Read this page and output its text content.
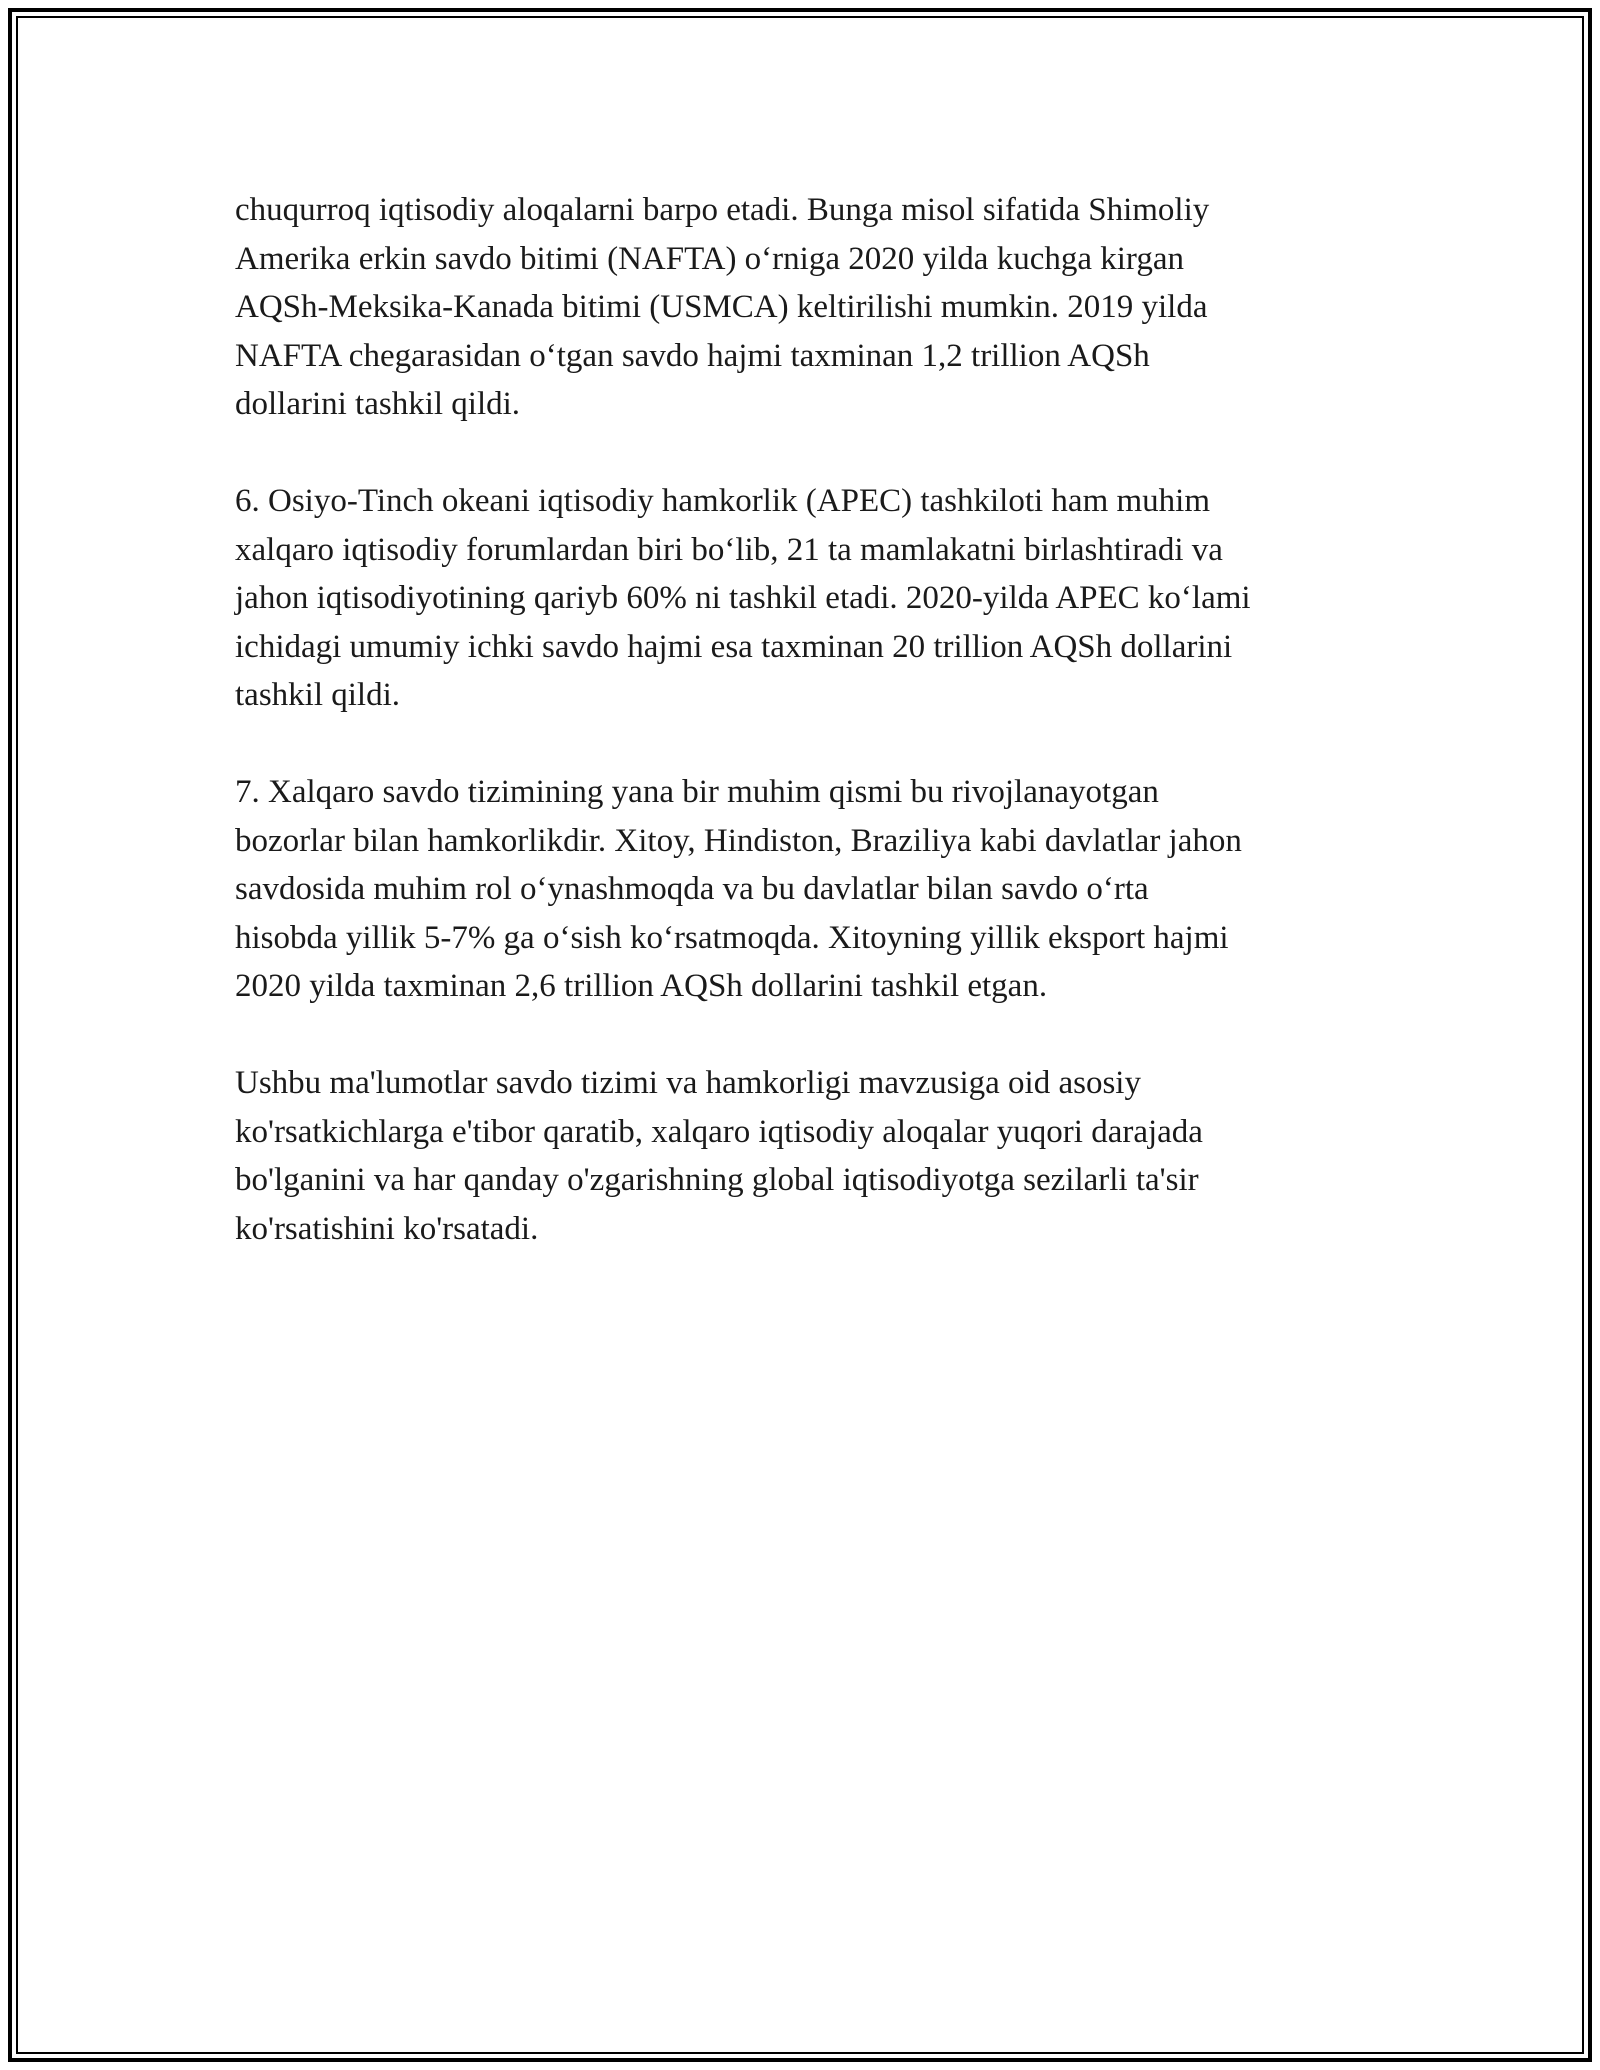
chuqurroq iqtisodiy aloqalarni barpo etadi. Bunga misol sifatida Shimoliy
Amerika erkin savdo bitimi (NAFTA) o‘rniga 2020 yilda kuchga kirgan
AQSh-Meksika-Kanada bitimi (USMCA) keltirilishi mumkin. 2019 yilda
NAFTA chegarasidan o‘tgan savdo hajmi taxminan 1,2 trillion AQSh
dollarini tashkil qildi.

6. Osiyo-Tinch okeani iqtisodiy hamkorlik (APEC) tashkiloti ham muhim
xalqaro iqtisodiy forumlardan biri bo‘lib, 21 ta mamlakatni birlashtiradi va
jahon iqtisodiyotining qariyb 60% ni tashkil etadi. 2020-yilda APEC ko‘lami
ichidagi umumiy ichki savdo hajmi esa taxminan 20 trillion AQSh dollarini
tashkil qildi.

7. Xalqaro savdo tizimining yana bir muhim qismi bu rivojlanayotgan
bozorlar bilan hamkorlikdir. Xitoy, Hindiston, Braziliya kabi davlatlar jahon
savdosida muhim rol o‘ynashmoqda va bu davlatlar bilan savdo o‘rta
hisobda yillik 5-7% ga o‘sish ko‘rsatmoqda. Xitoyning yillik eksport hajmi
2020 yilda taxminan 2,6 trillion AQSh dollarini tashkil etgan.

Ushbu ma'lumotlar savdo tizimi va hamkorligi mavzusiga oid asosiy
ko'rsatkichlarga e'tibor qaratib, xalqaro iqtisodiy aloqalar yuqori darajada
bo'lganini va har qanday o'zgarishning global iqtisodiyotga sezilarli ta'sir
ko'rsatishini ko'rsatadi.
